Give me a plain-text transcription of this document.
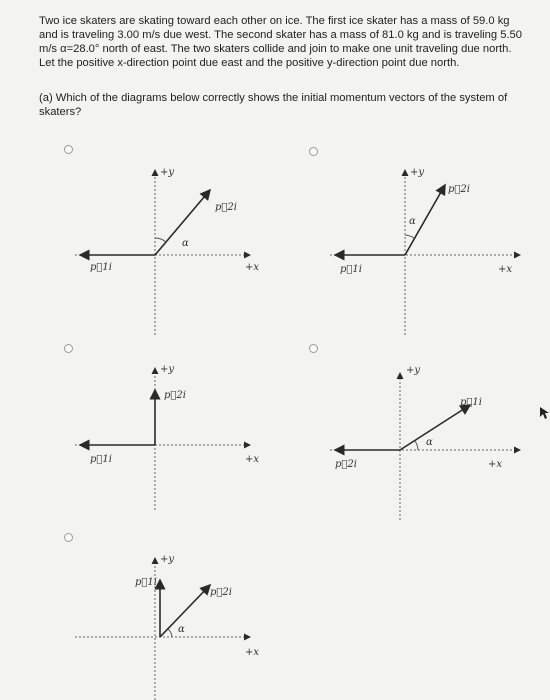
Two ice skaters are skating toward each other on ice. The first ice skater has a mass of 59.0 kg and is traveling 3.00 m/s due west. The second skater has a mass of 81.0 kg and is traveling 5.50 m/s α=28.0° north of east. The two skaters collide and join to make one unit traveling due north. Let the positive x-direction point due east and the positive y-direction point due north.
(a) Which of the diagrams below correctly shows the initial momentum vectors of the system of skaters?
+y
+x
p⃗1i
p⃗2i
α
+y
+x
p⃗1i
p⃗2i
α
+y
+x
p⃗1i
p⃗2i
+y
+x
p⃗1i
p⃗2i
α
+y
+x
p⃗1i
p⃗2i
α
